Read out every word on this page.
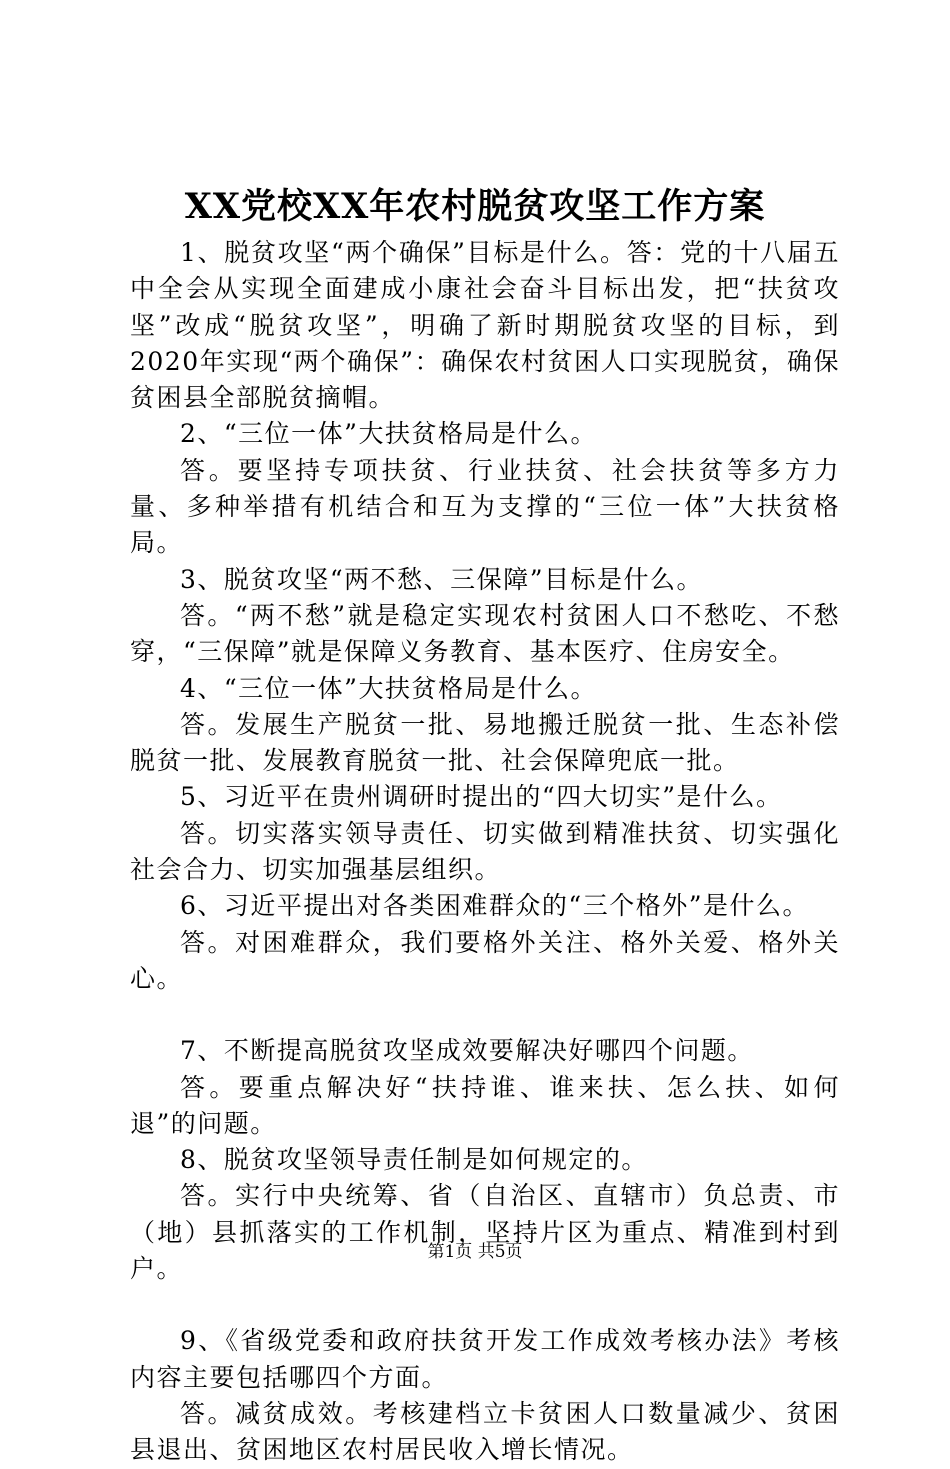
XX党校XX年农村脱贫攻坚工作方案

1、脱贫攻坚“两个确保”目标是什么。答：党的十八届五中全会从实现全面建成小康社会奋斗目标出发，把“扶贫攻坚”改成“脱贫攻坚”，明确了新时期脱贫攻坚的目标，到2020年实现“两个确保”：确保农村贫困人口实现脱贫，确保贫困县全部脱贫摘帽。

2、“三位一体”大扶贫格局是什么。

答。要坚持专项扶贫、行业扶贫、社会扶贫等多方力量、多种举措有机结合和互为支撑的“三位一体”大扶贫格局。

3、脱贫攻坚“两不愁、三保障”目标是什么。

答。“两不愁”就是稳定实现农村贫困人口不愁吃、不愁穿，“三保障”就是保障义务教育、基本医疗、住房安全。

4、“三位一体”大扶贫格局是什么。

答。发展生产脱贫一批、易地搬迁脱贫一批、生态补偿脱贫一批、发展教育脱贫一批、社会保障兜底一批。

5、习近平在贵州调研时提出的“四大切实”是什么。

答。切实落实领导责任、切实做到精准扶贫、切实强化社会合力、切实加强基层组织。

6、习近平提出对各类困难群众的“三个格外”是什么。

答。对困难群众，我们要格外关注、格外关爱、格外关心。

7、不断提高脱贫攻坚成效要解决好哪四个问题。

答。要重点解决好“扶持谁、谁来扶、怎么扶、如何退”的问题。

8、脱贫攻坚领导责任制是如何规定的。

答。实行中央统筹、省（自治区、直辖市）负总责、市（地）县抓落实的工作机制，坚持片区为重点、精准到村到户。

9、《省级党委和政府扶贫开发工作成效考核办法》考核内容主要包括哪四个方面。

答。减贫成效。考核建档立卡贫困人口数量减少、贫困县退出、贫困地区农村居民收入增长情况。

第1页 共5页
